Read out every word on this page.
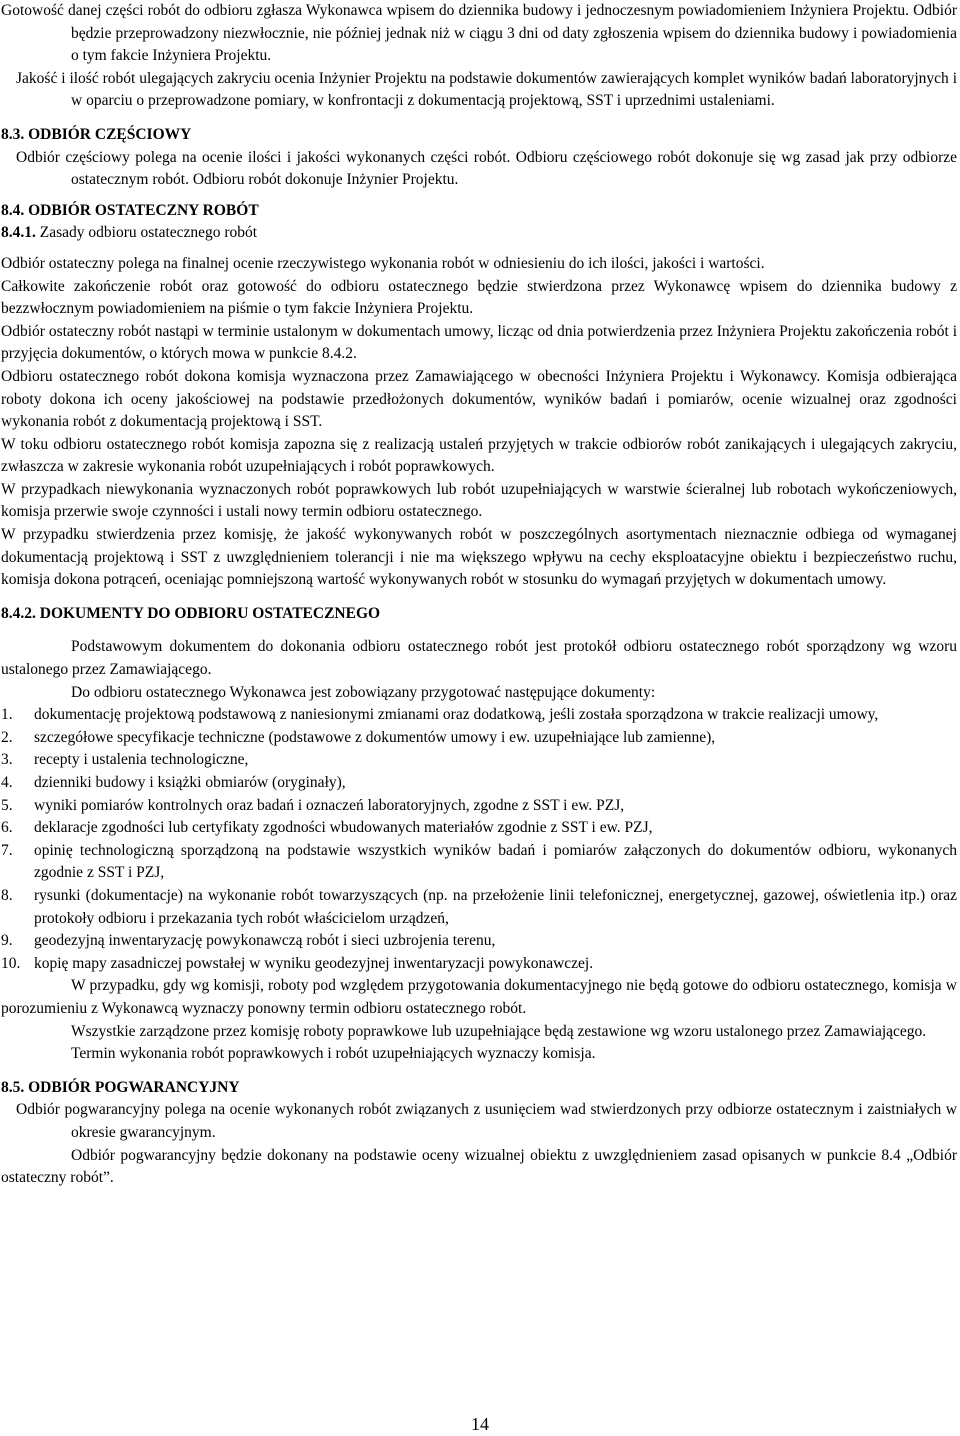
Gotowość danej części robót do odbioru zgłasza Wykonawca wpisem do dziennika budowy i jednoczesnym powiadomieniem Inżyniera Projektu. Odbiór będzie przeprowadzony niezwłocznie, nie później jednak niż w ciągu 3 dni od daty zgłoszenia wpisem do dziennika budowy i powiadomienia o tym fakcie Inżyniera Projektu.

Jakość i ilość robót ulegających zakryciu ocenia Inżynier Projektu na podstawie dokumentów zawierających komplet wyników badań laboratoryjnych i w oparciu o przeprowadzone pomiary, w konfrontacji z dokumentacją projektową, SST i uprzednimi ustaleniami.

8.3. ODBIÓR CZĘŚCIOWY

Odbiór częściowy polega na ocenie ilości i jakości wykonanych części robót. Odbioru częściowego robót dokonuje się wg zasad jak przy odbiorze ostatecznym robót. Odbioru robót dokonuje Inżynier Projektu.

8.4. ODBIÓR OSTATECZNY ROBÓT

8.4.1. Zasady odbioru ostatecznego robót

Odbiór ostateczny polega na finalnej ocenie rzeczywistego wykonania robót w odniesieniu do ich ilości, jakości i wartości.

Całkowite zakończenie robót oraz gotowość do odbioru ostatecznego będzie stwierdzona przez Wykonawcę wpisem do dziennika budowy z bezzwłocznym powiadomieniem na piśmie o tym fakcie Inżyniera Projektu.

Odbiór ostateczny robót nastąpi w terminie ustalonym w dokumentach umowy, licząc od dnia potwierdzenia przez Inżyniera Projektu zakończenia robót i przyjęcia dokumentów, o których mowa w punkcie 8.4.2.

Odbioru ostatecznego robót dokona komisja wyznaczona przez Zamawiającego w obecności Inżyniera Projektu i Wykonawcy. Komisja odbierająca roboty dokona ich oceny jakościowej na podstawie przedłożonych dokumentów, wyników badań i pomiarów, ocenie wizualnej oraz zgodności wykonania robót z dokumentacją projektową i SST.

W toku odbioru ostatecznego robót komisja zapozna się z realizacją ustaleń przyjętych w trakcie odbiorów robót zanikających i ulegających zakryciu, zwłaszcza w zakresie wykonania robót uzupełniających i robót poprawkowych.

W przypadkach niewykonania wyznaczonych robót poprawkowych lub robót uzupełniających w warstwie ścieralnej lub robotach wykończeniowych, komisja przerwie swoje czynności i ustali nowy termin odbioru ostatecznego.

W przypadku stwierdzenia przez komisję, że jakość wykonywanych robót w poszczególnych asortymentach nieznacznie odbiega od wymaganej dokumentacją projektową i SST z uwzględnieniem tolerancji i nie ma większego wpływu na cechy eksploatacyjne obiektu i bezpieczeństwo ruchu, komisja dokona potrąceń, oceniając pomniejszoną wartość wykonywanych robót w stosunku do wymagań przyjętych w dokumentach umowy.

8.4.2. DOKUMENTY DO ODBIORU OSTATECZNEGO

Podstawowym dokumentem do dokonania odbioru ostatecznego robót jest protokół odbioru ostatecznego robót sporządzony wg wzoru ustalonego przez Zamawiającego.

Do odbioru ostatecznego Wykonawca jest zobowiązany przygotować następujące dokumenty:

1. dokumentację projektową podstawową z naniesionymi zmianami oraz dodatkową, jeśli została sporządzona w trakcie realizacji umowy,
2. szczegółowe specyfikacje techniczne (podstawowe z dokumentów umowy i ew. uzupełniające lub zamienne),
3. recepty i ustalenia technologiczne,
4. dzienniki budowy i książki obmiarów (oryginały),
5. wyniki pomiarów kontrolnych oraz badań i oznaczeń laboratoryjnych, zgodne z SST i ew. PZJ,
6. deklaracje zgodności lub certyfikaty zgodności wbudowanych materiałów zgodnie z SST i ew. PZJ,
7. opinię technologiczną sporządzoną na podstawie wszystkich wyników badań i pomiarów załączonych do dokumentów odbioru, wykonanych zgodnie z SST i PZJ,
8. rysunki (dokumentacje) na wykonanie robót towarzyszących (np. na przełożenie linii telefonicznej, energetycznej, gazowej, oświetlenia itp.) oraz protokoły odbioru i przekazania tych robót właścicielom urządzeń,
9. geodezyjną inwentaryzację powykonawczą robót i sieci uzbrojenia terenu,
10. kopię mapy zasadniczej powstałej w wyniku geodezyjnej inwentaryzacji powykonawczej.

W przypadku, gdy wg komisji, roboty pod względem przygotowania dokumentacyjnego nie będą gotowe do odbioru ostatecznego, komisja w porozumieniu z Wykonawcą wyznaczy ponowny termin odbioru ostatecznego robót.

Wszystkie zarządzone przez komisję roboty poprawkowe lub uzupełniające będą zestawione wg wzoru ustalonego przez Zamawiającego.

Termin wykonania robót poprawkowych i robót uzupełniających wyznaczy komisja.

8.5. ODBIÓR POGWARANCYJNY

Odbiór pogwarancyjny polega na ocenie wykonanych robót związanych z usunięciem wad stwierdzonych przy odbiorze ostatecznym i zaistniałych w okresie gwarancyjnym.

Odbiór pogwarancyjny będzie dokonany na podstawie oceny wizualnej obiektu z uwzględnieniem zasad opisanych w punkcie 8.4 „Odbiór ostateczny robót”.

14
